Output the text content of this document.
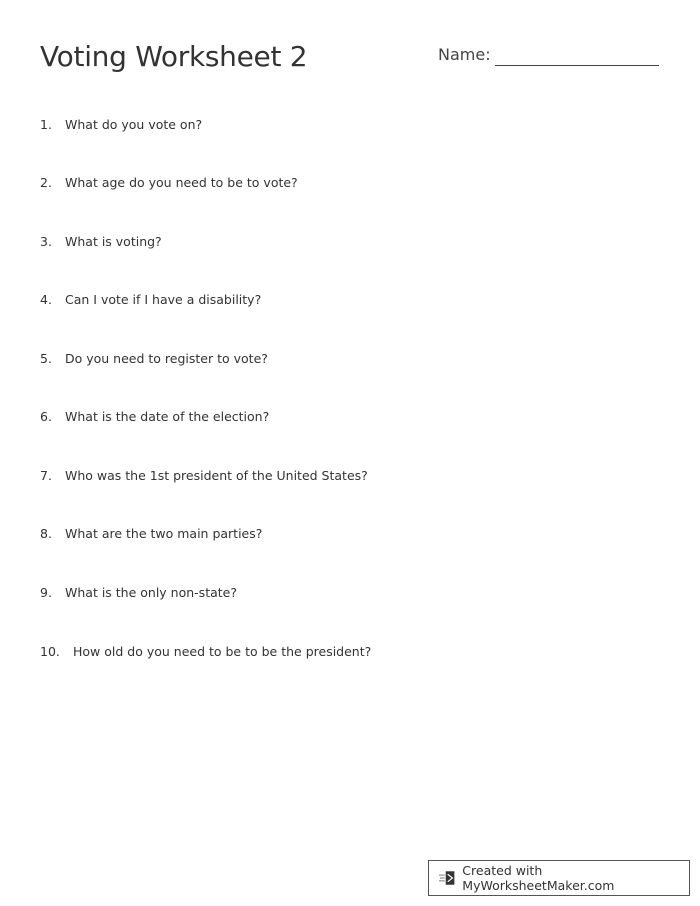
Voting Worksheet 2	Name:
1. What do you vote on?
2. What age do you need to be to vote?
3. What is voting?
4. Can I vote if I have a disability?
5. Do you need to register to vote?
6. What is the date of the election?
7. Who was the 1st president of the United States?
8. What are the two main parties?
9. What is the only non-state?
10. How old do you need to be to be the president?
Created with MyWorksheetMaker.com
